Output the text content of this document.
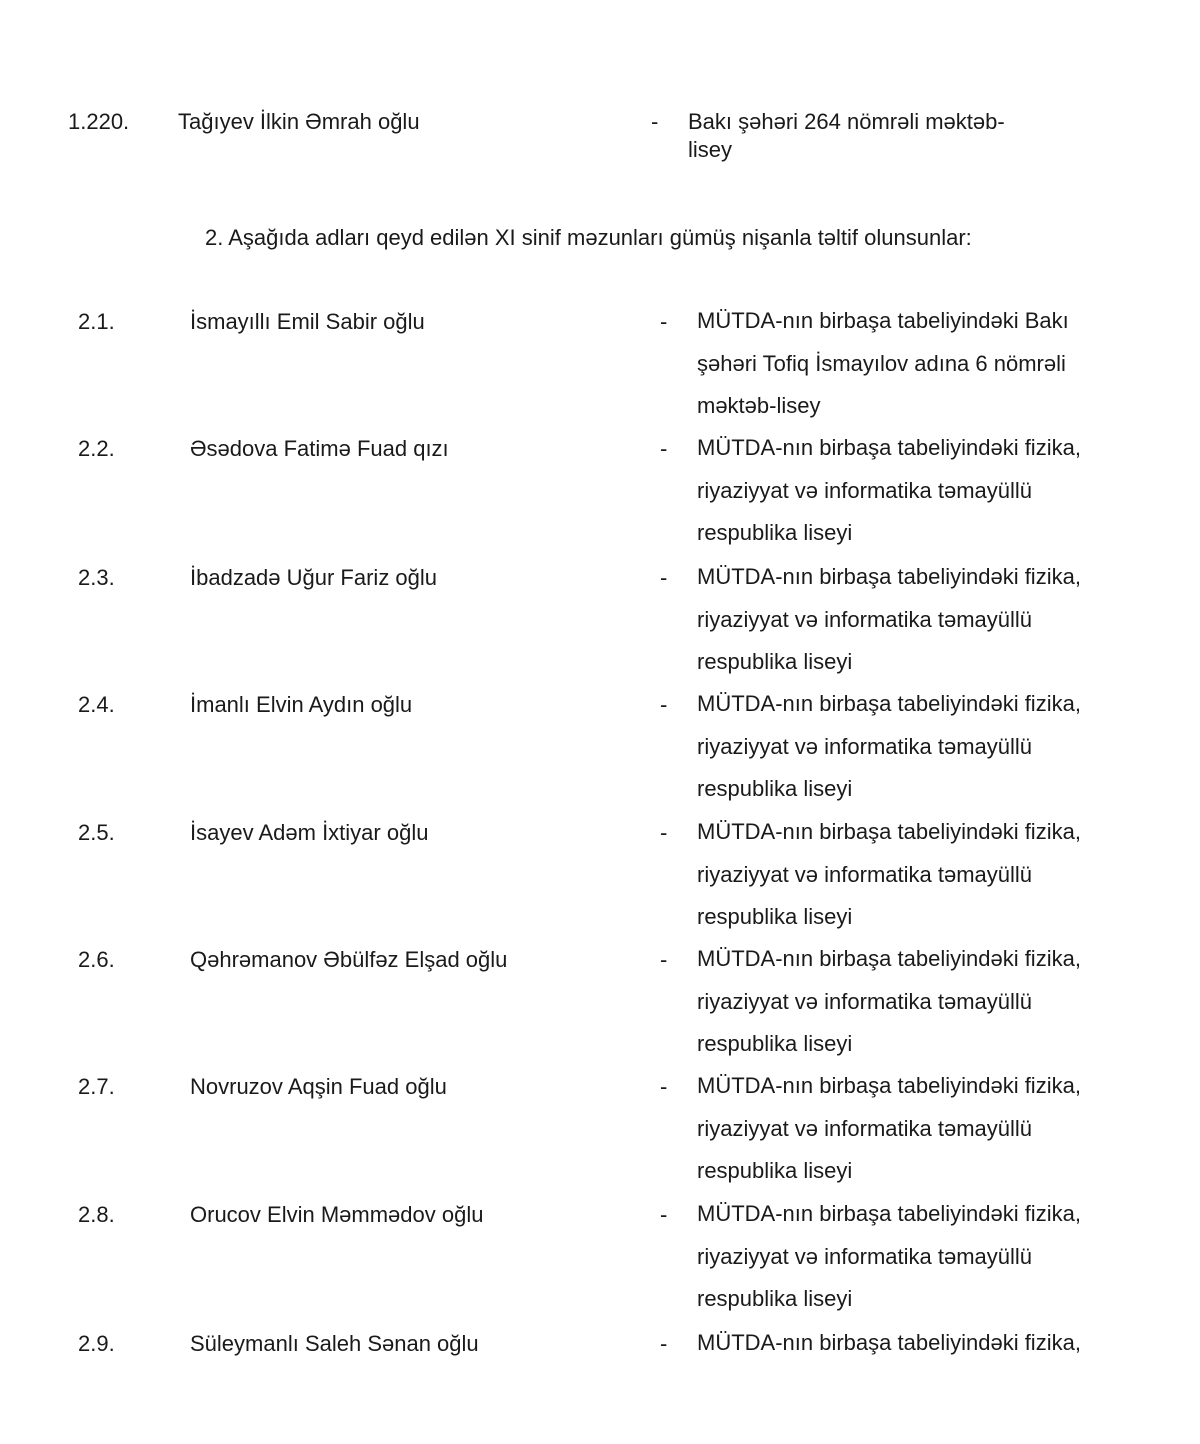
1.220. Tağıyev İlkin Əmrah oğlu	- Bakı şəhəri 264 nömrəli məktəb-
lisey
2. Aşağıda adları qeyd edilən XI sinif məzunları gümüş nişanla təltif olunsunlar:
2.1.	İsmayıllı Emil Sabir oğlu	- MÜTDA-nın birbaşa tabeliyindəki Bakı
şəhəri Tofiq İsmayılov adına 6 nömrəli
məktəb-lisey
2.2.	Əsədova Fatimə Fuad qızı	- MÜTDA-nın birbaşa tabeliyindəki fizika,
riyaziyyat və informatika təmayüllü
respublika liseyi
2.3.	İbadzadə Uğur Fariz oğlu	- MÜTDA-nın birbaşa tabeliyindəki fizika,
riyaziyyat və informatika təmayüllü
respublika liseyi
2.4.	İmanlı Elvin Aydın oğlu	- MÜTDA-nın birbaşa tabeliyindəki fizika,
riyaziyyat və informatika təmayüllü
respublika liseyi
2.5.	İsayev Adəm İxtiyar oğlu	- MÜTDA-nın birbaşa tabeliyindəki fizika,
riyaziyyat və informatika təmayüllü
respublika liseyi
2.6.	Qəhrəmanov Əbülfəz Elşad oğlu	- MÜTDA-nın birbaşa tabeliyindəki fizika,
riyaziyyat və informatika təmayüllü
respublika liseyi
2.7.	Novruzov Aqşin Fuad oğlu	- MÜTDA-nın birbaşa tabeliyindəki fizika,
riyaziyyat və informatika təmayüllü
respublika liseyi
2.8.	Orucov Elvin Məmmədov oğlu	- MÜTDA-nın birbaşa tabeliyindəki fizika,
riyaziyyat və informatika təmayüllü
respublika liseyi
2.9.	Süleymanlı Saleh Sənan oğlu	- MÜTDA-nın birbaşa tabeliyindəki fizika,
